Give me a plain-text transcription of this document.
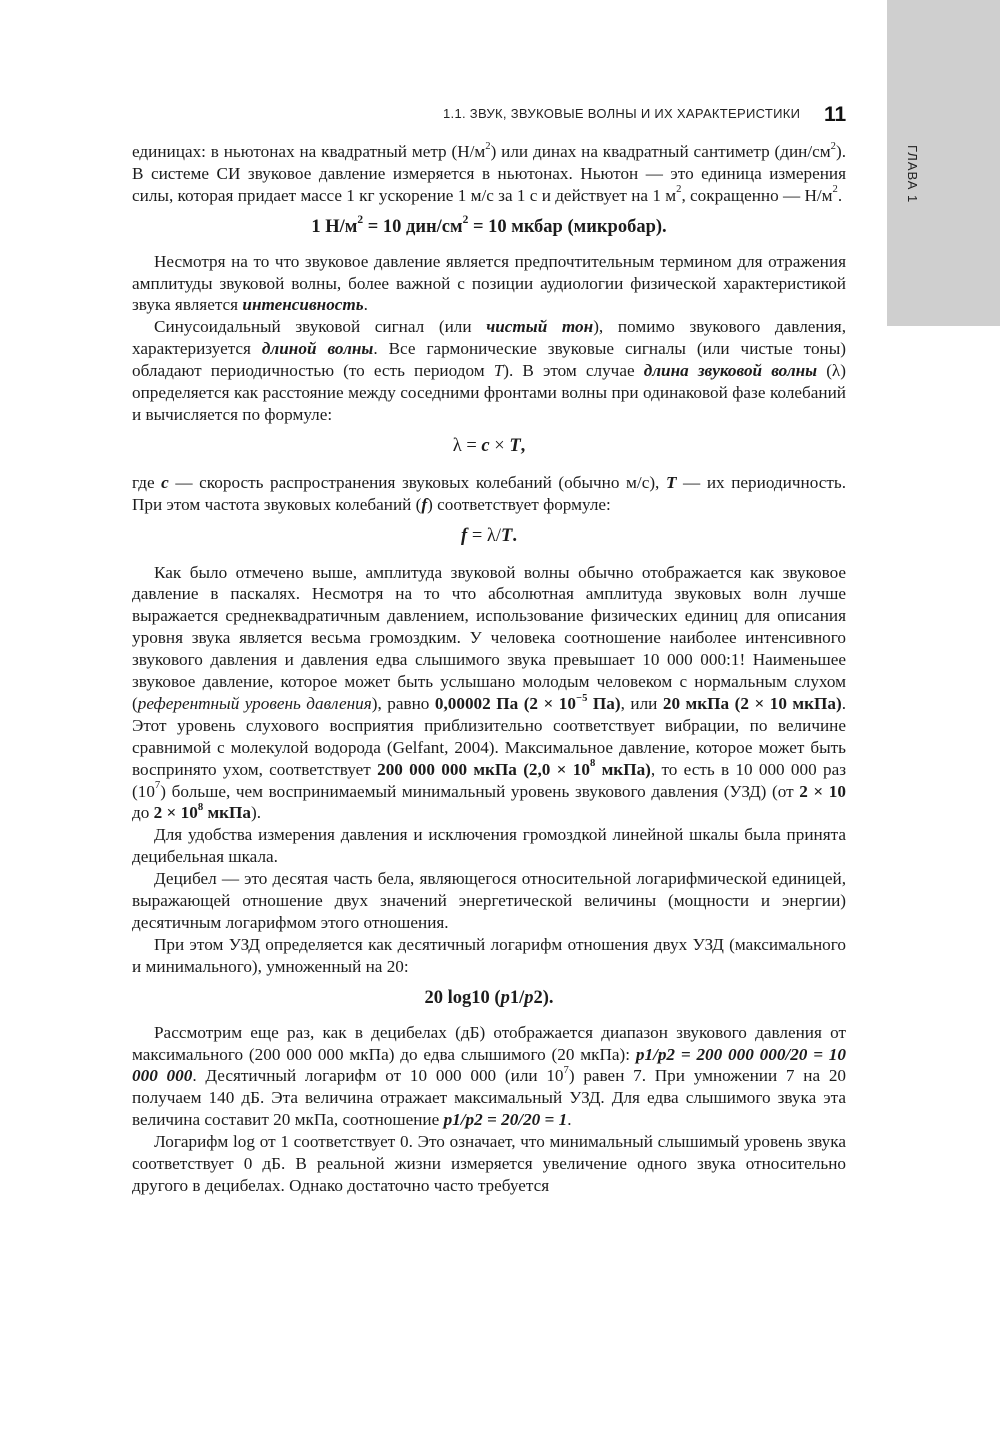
ГЛАВА 1
1.1. ЗВУК, ЗВУКОВЫЕ ВОЛНЫ И ИХ ХАРАКТЕРИСТИКИ 11

единицах: в ньютонах на квадратный метр $(Н/м^2)$ или динах на квадратный сантиметр $(дин/см^2)$. В системе СИ звуковое давление измеряется в ньютонах. Ньютон — это единица измерения силы, которая придает массе 1 кг ускорение 1 м/с за 1 с и действует на 1 $м^2$, сокращенно — $Н/м^2$.

1 $Н/м^2 = 10$ дин/$см^2 = 10$ мкбар (микробар).

Несмотря на то что звуковое давление является предпочтительным термином для отражения амплитуды звуковой волны, более важной с позиции аудиологии физической характеристикой звука является интенсивность.

Синусоидальный звуковой сигнал (или чистый тон), помимо звукового давления, характеризуется длиной волны. Все гармонические звуковые сигналы (или чистые тоны) обладают периодичностью (то есть периодом T). В этом случае длина звуковой волны (λ) определяется как расстояние между соседними фронтами волны при одинаковой фазе колебаний и вычисляется по формуле:

λ = c × T,

где c — скорость распространения звуковых колебаний (обычно м/с), T — их периодичность. При этом частота звуковых колебаний (f) соответствует формуле:

f = λ/T.

Как было отмечено выше, амплитуда звуковой волны обычно отображается как звуковое давление в паскалях. Несмотря на то что абсолютная амплитуда звуковых волн лучше выражается среднеквадратичным давлением, использование физических единиц для описания уровня звука является весьма громоздким. У человека соотношение наиболее интенсивного звукового давления и давления едва слышимого звука превышает 10 000 000:1! Наименьшее звуковое давление, которое может быть услышано молодым человеком с нормальным слухом (референтный уровень давления), равно 0,00002 Па ($2 \times 10^{-5}$ Па), или 20 мкПа (2 × 10 мкПа). Этот уровень слухового восприятия приблизительно соответствует вибрации, по величине сравнимой с молекулой водорода (Gelfant, 2004). Максимальное давление, которое может быть воспринято ухом, соответствует 200 000 000 мкПа ($2,0 \times 10^8$ мкПа), то есть в 10 000 000 раз $(10^7)$ больше, чем воспринимаемый минимальный уровень звукового давления (УЗД) (от 2 × 10 до $2 \times 10^8$ мкПа).

Для удобства измерения давления и исключения громоздкой линейной шкалы была принята децибельная шкала.

Децибел — это десятая часть бела, являющегося относительной логарифмической единицей, выражающей отношение двух значений энергетической величины (мощности и энергии) десятичным логарифмом этого отношения.

При этом УЗД определяется как десятичный логарифм отношения двух УЗД (максимального и минимального), умноженный на 20:

20 log10 (p1/p2).

Рассмотрим еще раз, как в децибелах (дБ) отображается диапазон звукового давления от максимального (200 000 000 мкПа) до едва слышимого (20 мкПа): p1/p2 = 200 000 000/20 = 10 000 000. Десятичный логарифм от 10 000 000 (или $10^7$) равен 7. При умножении 7 на 20 получаем 140 дБ. Эта величина отражает максимальный УЗД. Для едва слышимого звука эта величина составит 20 мкПа, соотношение p1/p2 = 20/20 = 1.

Логарифм log от 1 соответствует 0. Это означает, что минимальный слышимый уровень звука соответствует 0 дБ. В реальной жизни измеряется увеличение одного звука относительно другого в децибелах. Однако достаточно часто требуется
